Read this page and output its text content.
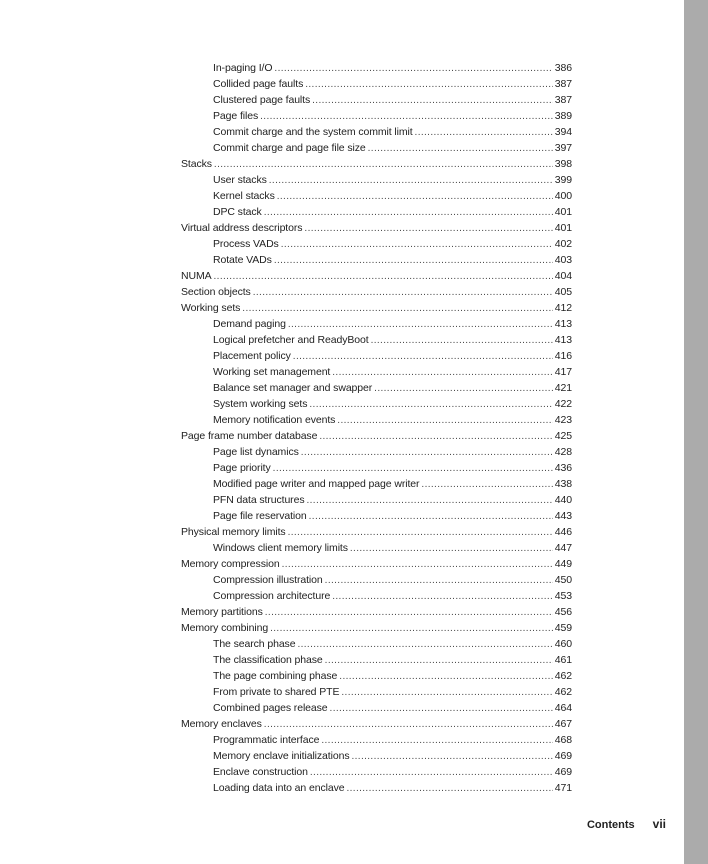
In-paging I/O . . .	386
Collided page faults . . .	387
Clustered page faults . . .	387
Page files . . .	389
Commit charge and the system commit limit . . .	394
Commit charge and page file size . . .	397
Stacks . . .	398
User stacks . . .	399
Kernel stacks . . .	400
DPC stack . . .	401
Virtual address descriptors . . .	401
Process VADs . . .	402
Rotate VADs . . .	403
NUMA . . .	404
Section objects . . .	405
Working sets . . .	412
Demand paging . . .	413
Logical prefetcher and ReadyBoot . . .	413
Placement policy . . .	416
Working set management . . .	417
Balance set manager and swapper . . .	421
System working sets . . .	422
Memory notification events . . .	423
Page frame number database . . .	425
Page list dynamics . . .	428
Page priority . . .	436
Modified page writer and mapped page writer . . .	438
PFN data structures . . .	440
Page file reservation . . .	443
Physical memory limits . . .	446
Windows client memory limits . . .	447
Memory compression . . .	449
Compression illustration . . .	450
Compression architecture . . .	453
Memory partitions . . .	456
Memory combining . . .	459
The search phase . . .	460
The classification phase . . .	461
The page combining phase . . .	462
From private to shared PTE . . .	462
Combined pages release . . .	464
Memory enclaves . . .	467
Programmatic interface . . .	468
Memory enclave initializations . . .	469
Enclave construction . . .	469
Loading data into an enclave . . .	471
Contents vii
